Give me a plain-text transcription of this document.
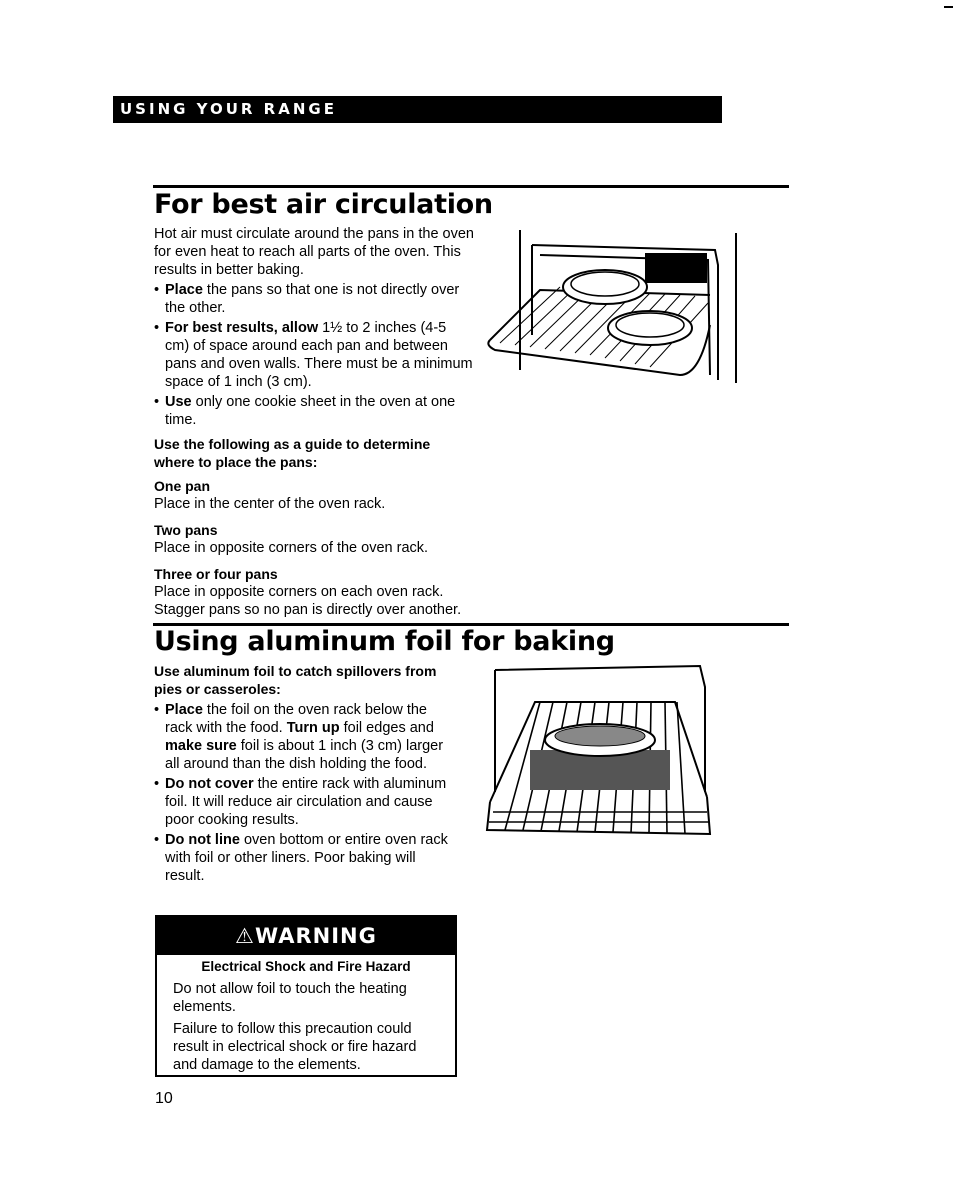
USING YOUR RANGE
For best air circulation

Hot air must circulate around the pans in the oven for even heat to reach all parts of the oven. This results in better baking.

• Place the pans so that one is not directly over the other.

• For best results, allow 1½ to 2 inches (4-5 cm) of space around each pan and between pans and oven walls. There must be a minimum space of 1 inch (3 cm).

• Use only one cookie sheet in the oven at one time.

Use the following as a guide to determine where to place the pans:

One pan

Place in the center of the oven rack.

Two pans

Place in opposite corners of the oven rack.

Three or four pans

Place in opposite corners on each oven rack. Stagger pans so no pan is directly over another.

Using aluminum foil for baking

Use aluminum foil to catch spillovers from pies or casseroles:

• Place the foil on the oven rack below the rack with the food. Turn up foil edges and make sure foil is about 1 inch (3 cm) larger all around than the dish holding the food.

• Do not cover the entire rack with aluminum foil. It will reduce air circulation and cause poor cooking results.

• Do not line oven bottom or entire oven rack with foil or other liners. Poor baking will result.

⚠WARNING
Electrical Shock and Fire Hazard

Do not allow foil to touch the heating elements.

Failure to follow this precaution could result in electrical shock or fire hazard and damage to the elements.

10
